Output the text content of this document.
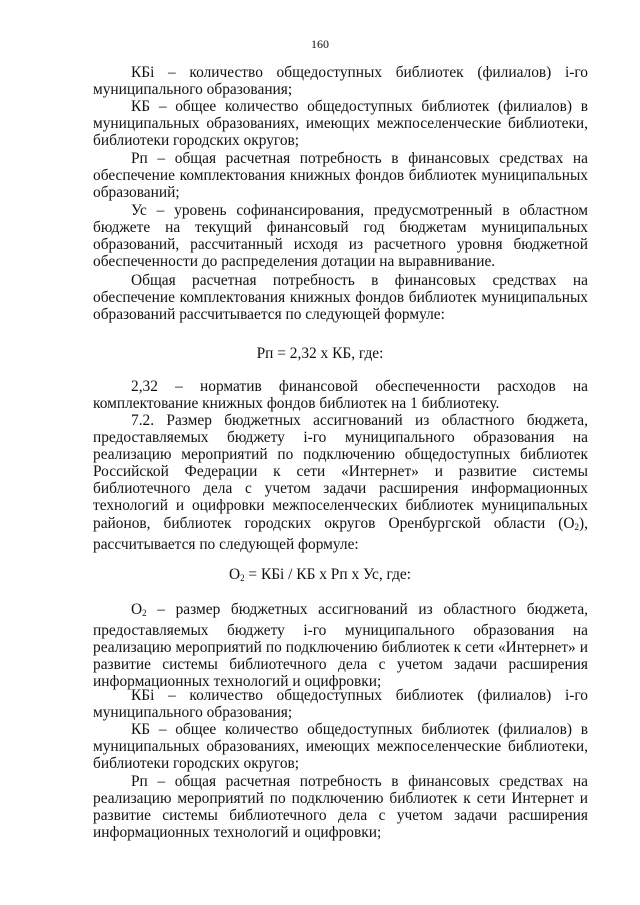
160

КБi – количество общедоступных библиотек (филиалов) i-го муниципального образования;

КБ – общее количество общедоступных библиотек (филиалов) в муниципальных образованиях, имеющих межпоселенческие библиотеки, библиотеки городских округов;

Рп – общая расчетная потребность в финансовых средствах на обеспечение комплектования книжных фондов библиотек муниципальных образований;

Ус – уровень софинансирования, предусмотренный в областном бюджете на текущий финансовый год бюджетам муниципальных образований, рассчитанный исходя из расчетного уровня бюджетной обеспеченности до распределения дотации на выравнивание.

Общая расчетная потребность в финансовых средствах на обеспечение комплектования книжных фондов библиотек муниципальных образований рассчитывается по следующей формуле:

Рп = 2,32 х КБ, где:

2,32 – норматив финансовой обеспеченности расходов на комплектование книжных фондов библиотек на 1 библиотеку.

7.2. Размер бюджетных ассигнований из областного бюджета, предоставляемых бюджету i-го муниципального образования на реализацию мероприятий по подключению общедоступных библиотек Российской Федерации к сети «Интернет» и развитие системы библиотечного дела с учетом задачи расширения информационных технологий и оцифровки межпоселенческих библиотек муниципальных районов, библиотек городских округов Оренбургской области $(О_2)$, рассчитывается по следующей формуле:

$О_2$ = КБi / КБ х Рп х Ус, где:

$О_2$ – размер бюджетных ассигнований из областного бюджета, предоставляемых бюджету i-го муниципального образования на реализацию мероприятий по подключению библиотек к сети «Интернет» и развитие системы библиотечного дела с учетом задачи расширения информационных технологий и оцифровки;

КБi – количество общедоступных библиотек (филиалов) i-го муниципального образования;

КБ – общее количество общедоступных библиотек (филиалов) в муниципальных образованиях, имеющих межпоселенческие библиотеки, библиотеки городских округов;

Рп – общая расчетная потребность в финансовых средствах на реализацию мероприятий по подключению библиотек к сети Интернет и развитие системы библиотечного дела с учетом задачи расширения информационных технологий и оцифровки;
